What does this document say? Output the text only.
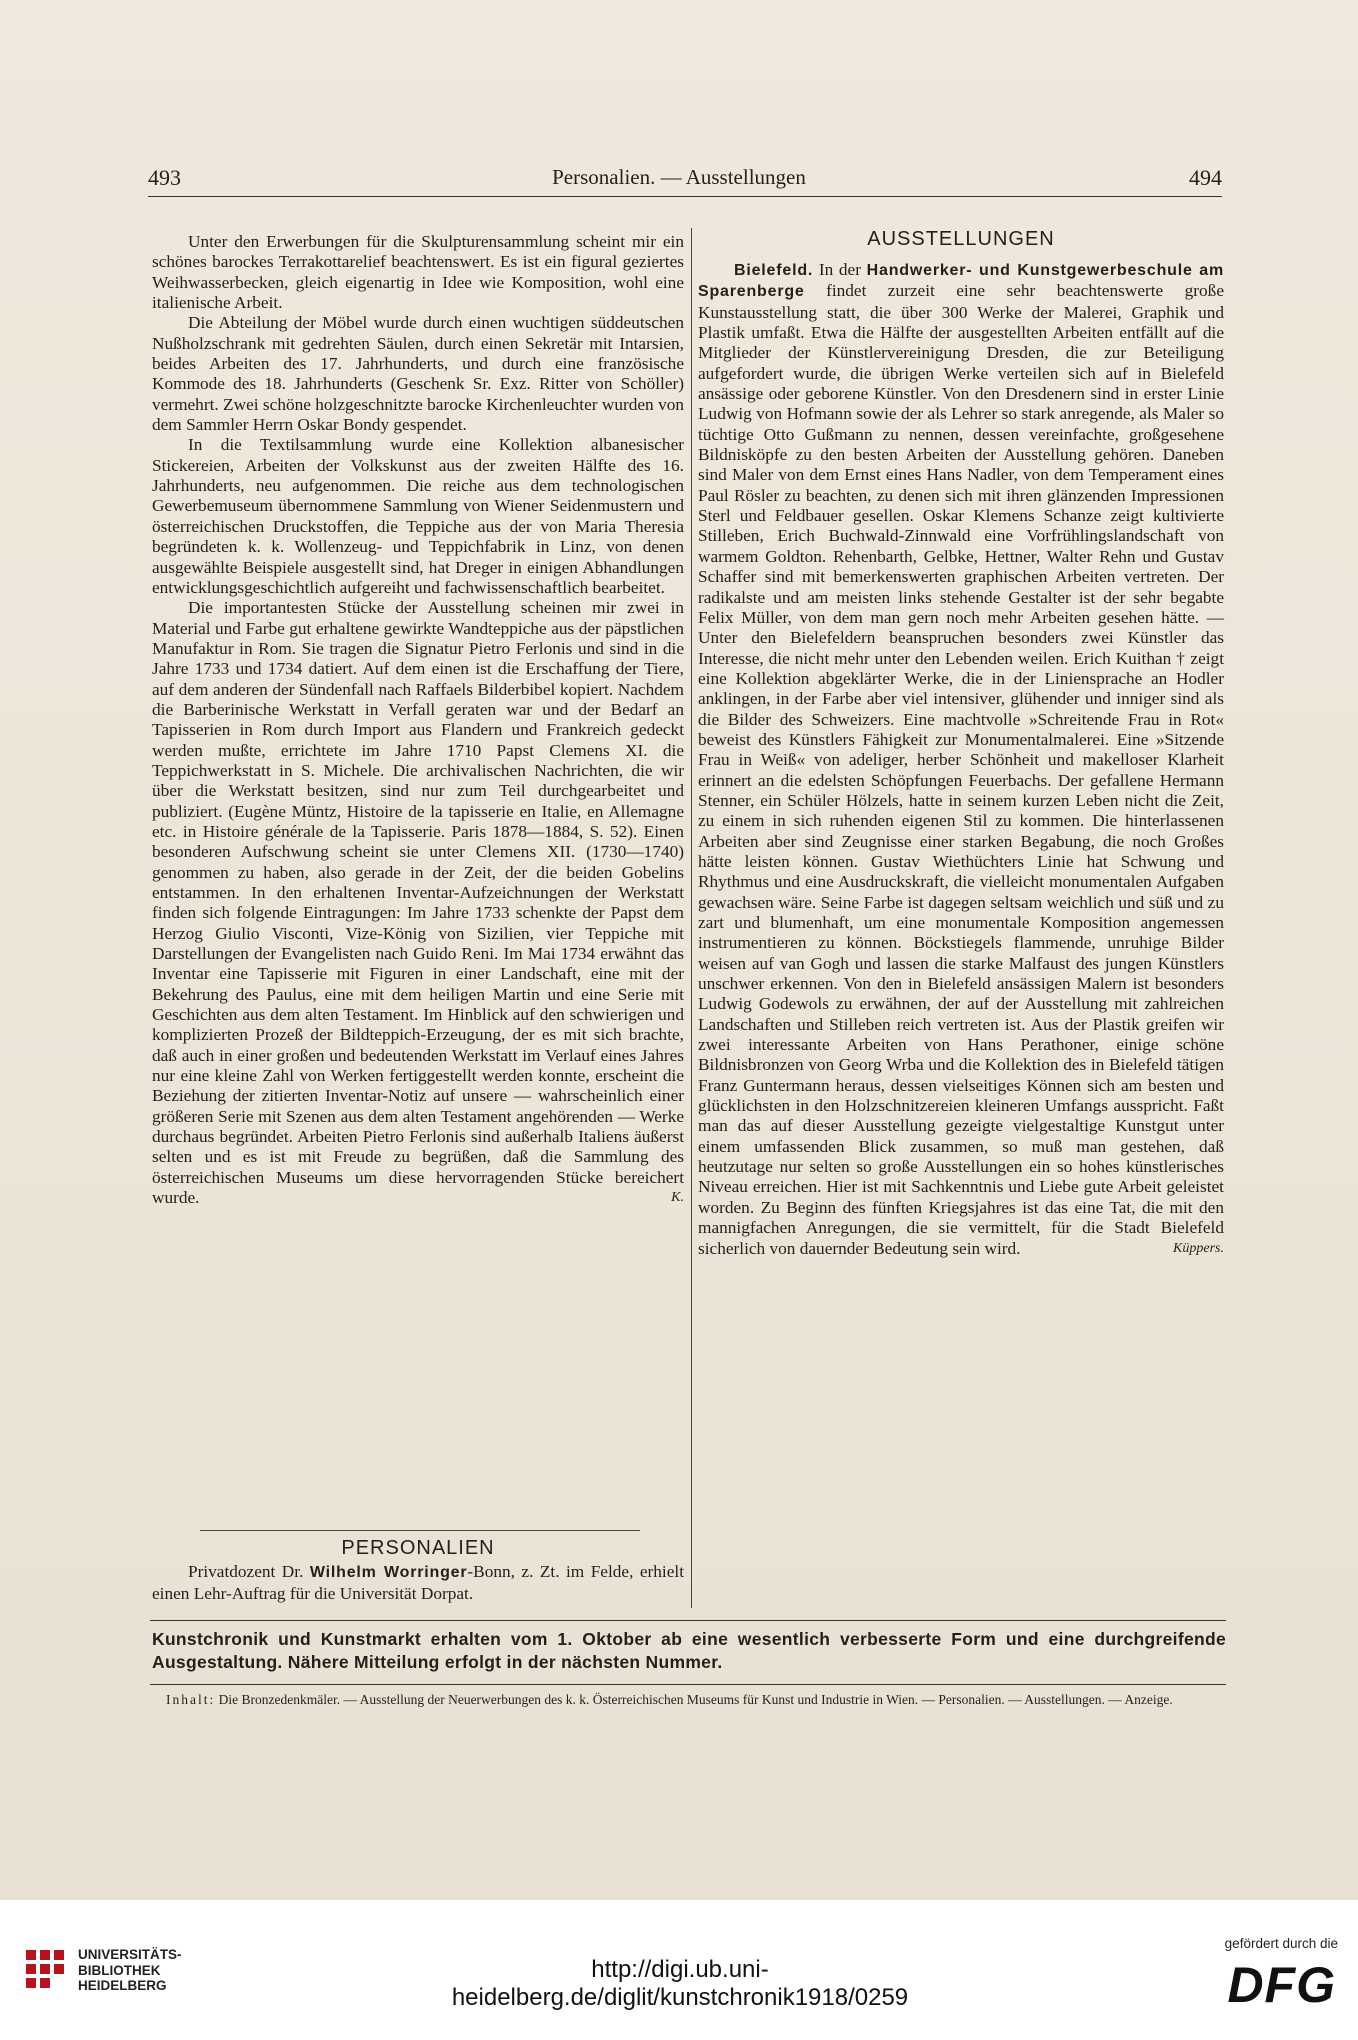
493	Personalien. — Ausstellungen	494

Unter den Erwerbungen für die Skulpturensammlung scheint mir ein schönes barockes Terrakottarelief beachtenswert. Es ist ein figural geziertes Weihwasserbecken, gleich eigenartig in Idee wie Komposition, wohl eine italienische Arbeit.

Die Abteilung der Möbel wurde durch einen wuchtigen süddeutschen Nußholzschrank mit gedrehten Säulen, durch einen Sekretär mit Intarsien, beides Arbeiten des 17. Jahrhunderts, und durch eine französische Kommode des 18. Jahrhunderts (Geschenk Sr. Exz. Ritter von Schöller) vermehrt. Zwei schöne holzgeschnitzte barocke Kirchenleuchter wurden von dem Sammler Herrn Oskar Bondy gespendet.

In die Textilsammlung wurde eine Kollektion albanesischer Stickereien, Arbeiten der Volkskunst aus der zweiten Hälfte des 16. Jahrhunderts, neu aufgenommen. Die reiche aus dem technologischen Gewerbemuseum übernommene Sammlung von Wiener Seidenmustern und österreichischen Druckstoffen, die Teppiche aus der von Maria Theresia begründeten k. k. Wollenzeug- und Teppichfabrik in Linz, von denen ausgewählte Beispiele ausgestellt sind, hat Dreger in einigen Abhandlungen entwicklungsgeschichtlich aufgereiht und fachwissenschaftlich bearbeitet.

Die importantesten Stücke der Ausstellung scheinen mir zwei in Material und Farbe gut erhaltene gewirkte Wandteppiche aus der päpstlichen Manufaktur in Rom. Sie tragen die Signatur Pietro Ferlonis und sind in die Jahre 1733 und 1734 datiert. Auf dem einen ist die Erschaffung der Tiere, auf dem anderen der Sündenfall nach Raffaels Bilderbibel kopiert. Nachdem die Barberinische Werkstatt in Verfall geraten war und der Bedarf an Tapisserien in Rom durch Import aus Flandern und Frankreich gedeckt werden mußte, errichtete im Jahre 1710 Papst Clemens XI. die Teppichwerkstatt in S. Michele. Die archivalischen Nachrichten, die wir über die Werkstatt besitzen, sind nur zum Teil durchgearbeitet und publiziert. (Eugène Müntz, Histoire de la tapisserie en Italie, en Allemagne etc. in Histoire générale de la Tapisserie. Paris 1878—1884, S. 52). Einen besonderen Aufschwung scheint sie unter Clemens XII. (1730—1740) genommen zu haben, also gerade in der Zeit, der die beiden Gobelins entstammen. In den erhaltenen Inventar-Aufzeichnungen der Werkstatt finden sich folgende Eintragungen: Im Jahre 1733 schenkte der Papst dem Herzog Giulio Visconti, Vize-König von Sizilien, vier Teppiche mit Darstellungen der Evangelisten nach Guido Reni. Im Mai 1734 erwähnt das Inventar eine Tapisserie mit Figuren in einer Landschaft, eine mit der Bekehrung des Paulus, eine mit dem heiligen Martin und eine Serie mit Geschichten aus dem alten Testament. Im Hinblick auf den schwierigen und komplizierten Prozeß der Bildteppich-Erzeugung, der es mit sich brachte, daß auch in einer großen und bedeutenden Werkstatt im Verlauf eines Jahres nur eine kleine Zahl von Werken fertiggestellt werden konnte, erscheint die Beziehung der zitierten Inventar-Notiz auf unsere — wahrscheinlich einer größeren Serie mit Szenen aus dem alten Testament angehörenden — Werke durchaus begründet. Arbeiten Pietro Ferlonis sind außerhalb Italiens äußerst selten und es ist mit Freude zu begrüßen, daß die Sammlung des österreichischen Museums um diese hervorragenden Stücke bereichert wurde.	K.

PERSONALIEN

Privatdozent Dr. Wilhelm Worringer-Bonn, z. Zt. im Felde, erhielt einen Lehr-Auftrag für die Universität Dorpat.

AUSSTELLUNGEN

Bielefeld. In der Handwerker- und Kunstgewerbeschule am Sparenberge findet zurzeit eine sehr beachtenswerte große Kunstausstellung statt, die über 300 Werke der Malerei, Graphik und Plastik umfaßt. Etwa die Hälfte der ausgestellten Arbeiten entfällt auf die Mitglieder der Künstlervereinigung Dresden, die zur Beteiligung aufgefordert wurde, die übrigen Werke verteilen sich auf in Bielefeld ansässige oder geborene Künstler. Von den Dresdenern sind in erster Linie Ludwig von Hofmann sowie der als Lehrer so stark anregende, als Maler so tüchtige Otto Gußmann zu nennen, dessen vereinfachte, großgesehene Bildnisköpfe zu den besten Arbeiten der Ausstellung gehören. Daneben sind Maler von dem Ernst eines Hans Nadler, von dem Temperament eines Paul Rösler zu beachten, zu denen sich mit ihren glänzenden Impressionen Sterl und Feldbauer gesellen. Oskar Klemens Schanze zeigt kultivierte Stilleben, Erich Buchwald-Zinnwald eine Vorfrühlingslandschaft von warmem Goldton. Rehenbarth, Gelbke, Hettner, Walter Rehn und Gustav Schaffer sind mit bemerkenswerten graphischen Arbeiten vertreten. Der radikalste und am meisten links stehende Gestalter ist der sehr begabte Felix Müller, von dem man gern noch mehr Arbeiten gesehen hätte. — Unter den Bielefeldern beanspruchen besonders zwei Künstler das Interesse, die nicht mehr unter den Lebenden weilen. Erich Kuithan † zeigt eine Kollektion abgeklärter Werke, die in der Liniensprache an Hodler anklingen, in der Farbe aber viel intensiver, glühender und inniger sind als die Bilder des Schweizers. Eine machtvolle »Schreitende Frau in Rot« beweist des Künstlers Fähigkeit zur Monumentalmalerei. Eine »Sitzende Frau in Weiß« von adeliger, herber Schönheit und makelloser Klarheit erinnert an die edelsten Schöpfungen Feuerbachs. Der gefallene Hermann Stenner, ein Schüler Hölzels, hatte in seinem kurzen Leben nicht die Zeit, zu einem in sich ruhenden eigenen Stil zu kommen. Die hinterlassenen Arbeiten aber sind Zeugnisse einer starken Begabung, die noch Großes hätte leisten können. Gustav Wiethüchters Linie hat Schwung und Rhythmus und eine Ausdruckskraft, die vielleicht monumentalen Aufgaben gewachsen wäre. Seine Farbe ist dagegen seltsam weichlich und süß und zu zart und blumenhaft, um eine monumentale Komposition angemessen instrumentieren zu können. Böckstiegels flammende, unruhige Bilder weisen auf van Gogh und lassen die starke Malfaust des jungen Künstlers unschwer erkennen. Von den in Bielefeld ansässigen Malern ist besonders Ludwig Godewols zu erwähnen, der auf der Ausstellung mit zahlreichen Landschaften und Stilleben reich vertreten ist. Aus der Plastik greifen wir zwei interessante Arbeiten von Hans Perathoner, einige schöne Bildnisbronzen von Georg Wrba und die Kollektion des in Bielefeld tätigen Franz Guntermann heraus, dessen vielseitiges Können sich am besten und glücklichsten in den Holzschnitzereien kleineren Umfangs ausspricht. Faßt man das auf dieser Ausstellung gezeigte vielgestaltige Kunstgut unter einem umfassenden Blick zusammen, so muß man gestehen, daß heutzutage nur selten so große Ausstellungen ein so hohes künstlerisches Niveau erreichen. Hier ist mit Sachkenntnis und Liebe gute Arbeit geleistet worden. Zu Beginn des fünften Kriegsjahres ist das eine Tat, die mit den mannigfachen Anregungen, die sie vermittelt, für die Stadt Bielefeld sicherlich von dauernder Bedeutung sein wird.	Küppers.

Kunstchronik und Kunstmarkt erhalten vom 1. Oktober ab eine wesentlich verbesserte Form und eine durchgreifende Ausgestaltung. Nähere Mitteilung erfolgt in der nächsten Nummer.
Inhalt: Die Bronzedenkmäler. — Ausstellung der Neuerwerbungen des k. k. Österreichischen Museums für Kunst und Industrie in Wien. — Personalien. — Ausstellungen. — Anzeige.
UNIVERSITÄTS-
BIBLIOTHEK
HEIDELBERG
http://digi.ub.uni-heidelberg.de/diglit/kunstchronik1918/0259
gefördert durch die
DFG
